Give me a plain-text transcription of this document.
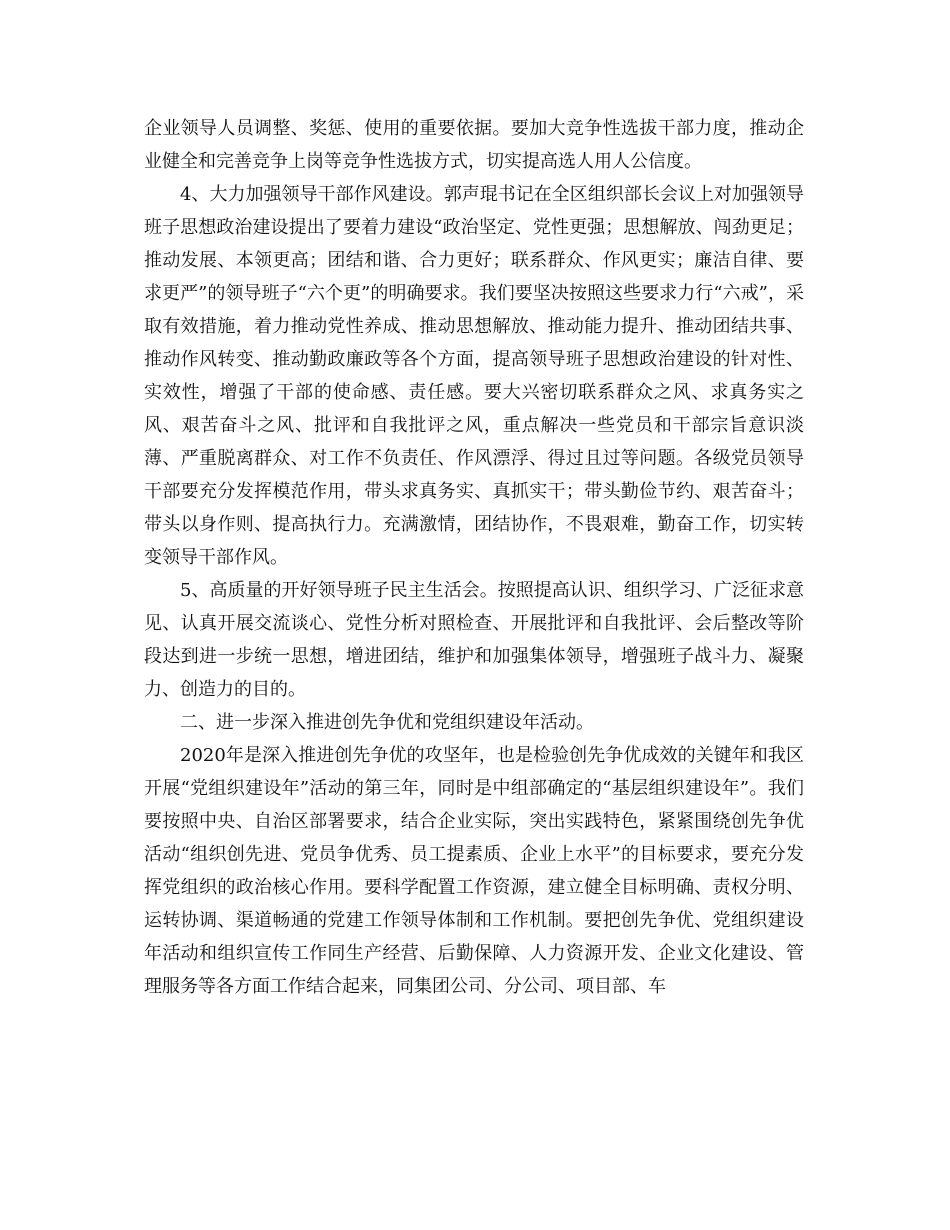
企业领导人员调整、奖惩、使用的重要依据。要加大竞争性选拔干部力度，推动企业健全和完善竞争上岗等竞争性选拔方式，切实提高选人用人公信度。

4、大力加强领导干部作风建设。郭声琨书记在全区组织部长会议上对加强领导班子思想政治建设提出了要着力建设“政治坚定、党性更强；思想解放、闯劲更足；推动发展、本领更高；团结和谐、合力更好；联系群众、作风更实；廉洁自律、要求更严”的领导班子“六个更”的明确要求。我们要坚决按照这些要求力行“六戒”，采取有效措施，着力推动党性养成、推动思想解放、推动能力提升、推动团结共事、推动作风转变、推动勤政廉政等各个方面，提高领导班子思想政治建设的针对性、实效性，增强了干部的使命感、责任感。要大兴密切联系群众之风、求真务实之风、艰苦奋斗之风、批评和自我批评之风，重点解决一些党员和干部宗旨意识淡薄、严重脱离群众、对工作不负责任、作风漂浮、得过且过等问题。各级党员领导干部要充分发挥模范作用，带头求真务实、真抓实干；带头勤俭节约、艰苦奋斗；带头以身作则、提高执行力。充满激情，团结协作，不畏艰难，勤奋工作，切实转变领导干部作风。

5、高质量的开好领导班子民主生活会。按照提高认识、组织学习、广泛征求意见、认真开展交流谈心、党性分析对照检查、开展批评和自我批评、会后整改等阶段达到进一步统一思想，增进团结，维护和加强集体领导，增强班子战斗力、凝聚力、创造力的目的。

二、进一步深入推进创先争优和党组织建设年活动。

2020年是深入推进创先争优的攻坚年，也是检验创先争优成效的关键年和我区开展“党组织建设年”活动的第三年，同时是中组部确定的“基层组织建设年”。我们要按照中央、自治区部署要求，结合企业实际，突出实践特色，紧紧围绕创先争优活动“组织创先进、党员争优秀、员工提素质、企业上水平”的目标要求，要充分发挥党组织的政治核心作用。要科学配置工作资源，建立健全目标明确、责权分明、运转协调、渠道畅通的党建工作领导体制和工作机制。要把创先争优、党组织建设年活动和组织宣传工作同生产经营、后勤保障、人力资源开发、企业文化建设、管理服务等各方面工作结合起来，同集团公司、分公司、项目部、车
